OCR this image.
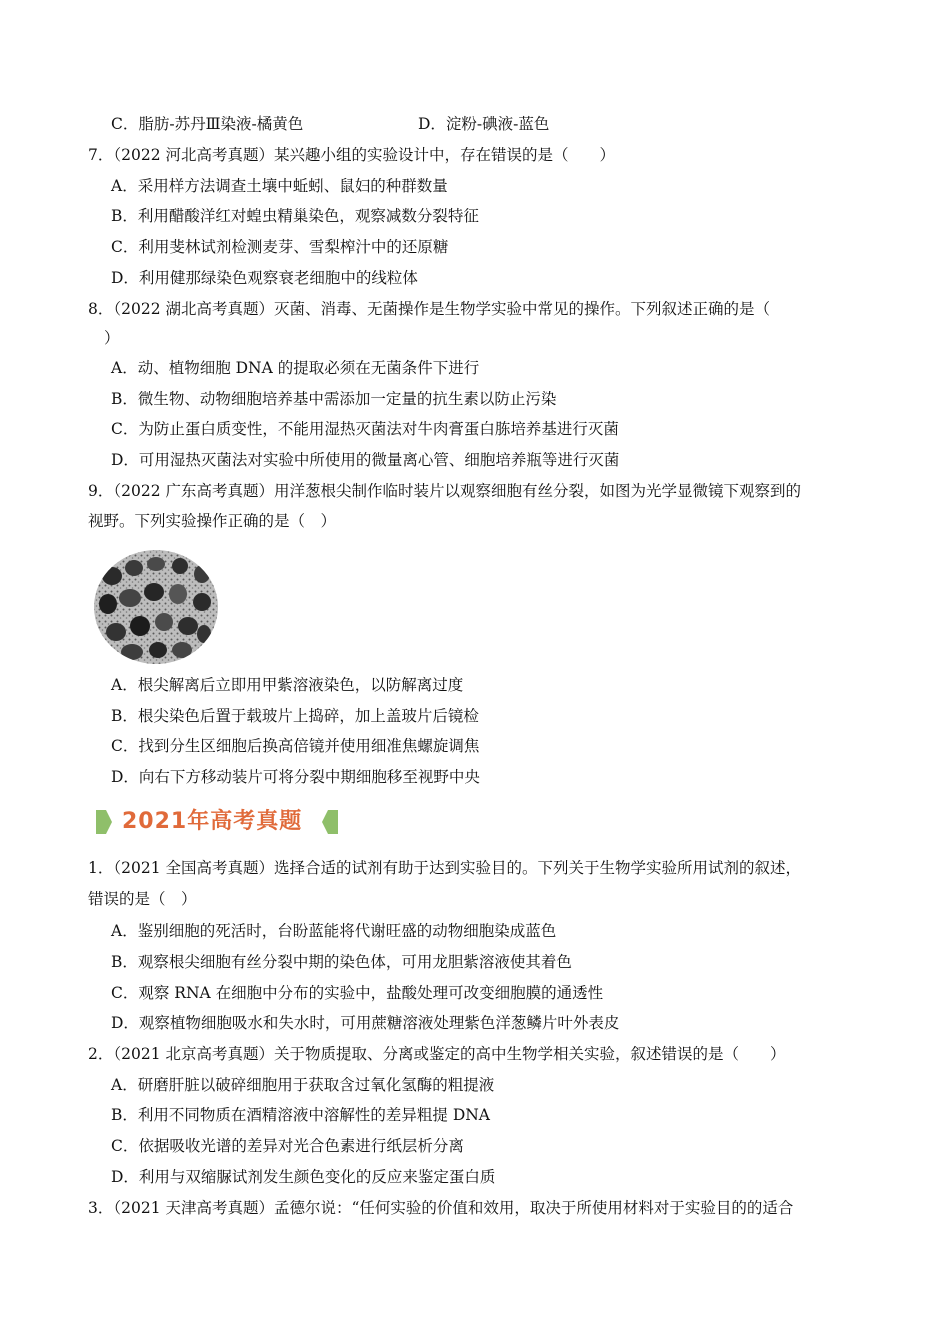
C．脂肪-苏丹Ⅲ染液-橘黄色	D．淀粉-碘液-蓝色
7．（2022 河北高考真题）某兴趣小组的实验设计中，存在错误的是（　　）
A．采用样方法调查土壤中蚯蚓、鼠妇的种群数量
B．利用醋酸洋红对蝗虫精巢染色，观察减数分裂特征
C．利用斐林试剂检测麦芽、雪梨榨汁中的还原糖
D．利用健那绿染色观察衰老细胞中的线粒体
8．（2022 湖北高考真题）灭菌、消毒、无菌操作是生物学实验中常见的操作。下列叙述正确的是（
）
A．动、植物细胞 DNA 的提取必须在无菌条件下进行
B．微生物、动物细胞培养基中需添加一定量的抗生素以防止污染
C．为防止蛋白质变性，不能用湿热灭菌法对牛肉膏蛋白胨培养基进行灭菌
D．可用湿热灭菌法对实验中所使用的微量离心管、细胞培养瓶等进行灭菌
9．（2022 广东高考真题）用洋葱根尖制作临时装片以观察细胞有丝分裂，如图为光学显微镜下观察到的
视野。下列实验操作正确的是（　）
A．根尖解离后立即用甲紫溶液染色，以防解离过度
B．根尖染色后置于载玻片上捣碎，加上盖玻片后镜检
C．找到分生区细胞后换高倍镜并使用细准焦螺旋调焦
D．向右下方移动装片可将分裂中期细胞移至视野中央
2021年高考真题
1．（2021 全国高考真题）选择合适的试剂有助于达到实验目的。下列关于生物学实验所用试剂的叙述，
错误的是（　）
A．鉴别细胞的死活时，台盼蓝能将代谢旺盛的动物细胞染成蓝色
B．观察根尖细胞有丝分裂中期的染色体，可用龙胆紫溶液使其着色
C．观察 RNA 在细胞中分布的实验中，盐酸处理可改变细胞膜的通透性
D．观察植物细胞吸水和失水时，可用蔗糖溶液处理紫色洋葱鳞片叶外表皮
2．（2021 北京高考真题）关于物质提取、分离或鉴定的高中生物学相关实验，叙述错误的是（　　）
A．研磨肝脏以破碎细胞用于获取含过氧化氢酶的粗提液
B．利用不同物质在酒精溶液中溶解性的差异粗提 DNA
C．依据吸收光谱的差异对光合色素进行纸层析分离
D．利用与双缩脲试剂发生颜色变化的反应来鉴定蛋白质
3．（2021 天津高考真题）孟德尔说：“任何实验的价值和效用，取决于所使用材料对于实验目的的适合
